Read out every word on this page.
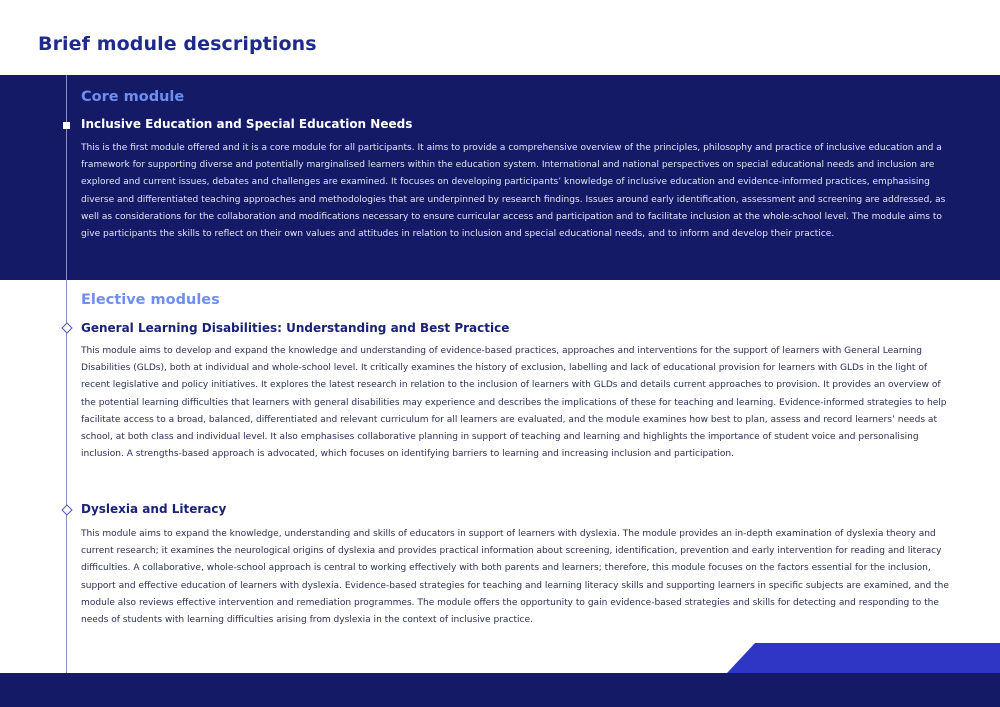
Brief module descriptions
Core module
Inclusive Education and Special Education Needs

This is the first module offered and it is a core module for all participants. It aims to provide a comprehensive overview of the principles, philosophy and practice of inclusive education and a framework for supporting diverse and potentially marginalised learners within the education system. International and national perspectives on special educational needs and inclusion are explored and current issues, debates and challenges are examined. It focuses on developing participants’ knowledge of inclusive education and evidence-informed practices, emphasising diverse and differentiated teaching approaches and methodologies that are underpinned by research findings. Issues around early identification, assessment and screening are addressed, as well as considerations for the collaboration and modifications necessary to ensure curricular access and participation and to facilitate inclusion at the whole-school level. The module aims to give participants the skills to reflect on their own values and attitudes in relation to inclusion and special educational needs, and to inform and develop their practice.

Elective modules
General Learning Disabilities: Understanding and Best Practice

This module aims to develop and expand the knowledge and understanding of evidence-based practices, approaches and interventions for the support of learners with General Learning Disabilities (GLDs), both at individual and whole-school level. It critically examines the history of exclusion, labelling and lack of educational provision for learners with GLDs in the light of recent legislative and policy initiatives. It explores the latest research in relation to the inclusion of learners with GLDs and details current approaches to provision. It provides an overview of the potential learning difficulties that learners with general disabilities may experience and describes the implications of these for teaching and learning. Evidence-informed strategies to help facilitate access to a broad, balanced, differentiated and relevant curriculum for all learners are evaluated, and the module examines how best to plan, assess and record learners’ needs at school, at both class and individual level. It also emphasises collaborative planning in support of teaching and learning and highlights the importance of student voice and personalising inclusion. A strengths-based approach is advocated, which focuses on identifying barriers to learning and increasing inclusion and participation.

Dyslexia and Literacy

This module aims to expand the knowledge, understanding and skills of educators in support of learners with dyslexia. The module provides an in-depth examination of dyslexia theory and current research; it examines the neurological origins of dyslexia and provides practical information about screening, identification, prevention and early intervention for reading and literacy difficulties. A collaborative, whole-school approach is central to working effectively with both parents and learners; therefore, this module focuses on the factors essential for the inclusion, support and effective education of learners with dyslexia. Evidence-based strategies for teaching and learning literacy skills and supporting learners in specific subjects are examined, and the module also reviews effective intervention and remediation programmes. The module offers the opportunity to gain evidence-based strategies and skills for detecting and responding to the needs of students with learning difficulties arising from dyslexia in the context of inclusive practice.
